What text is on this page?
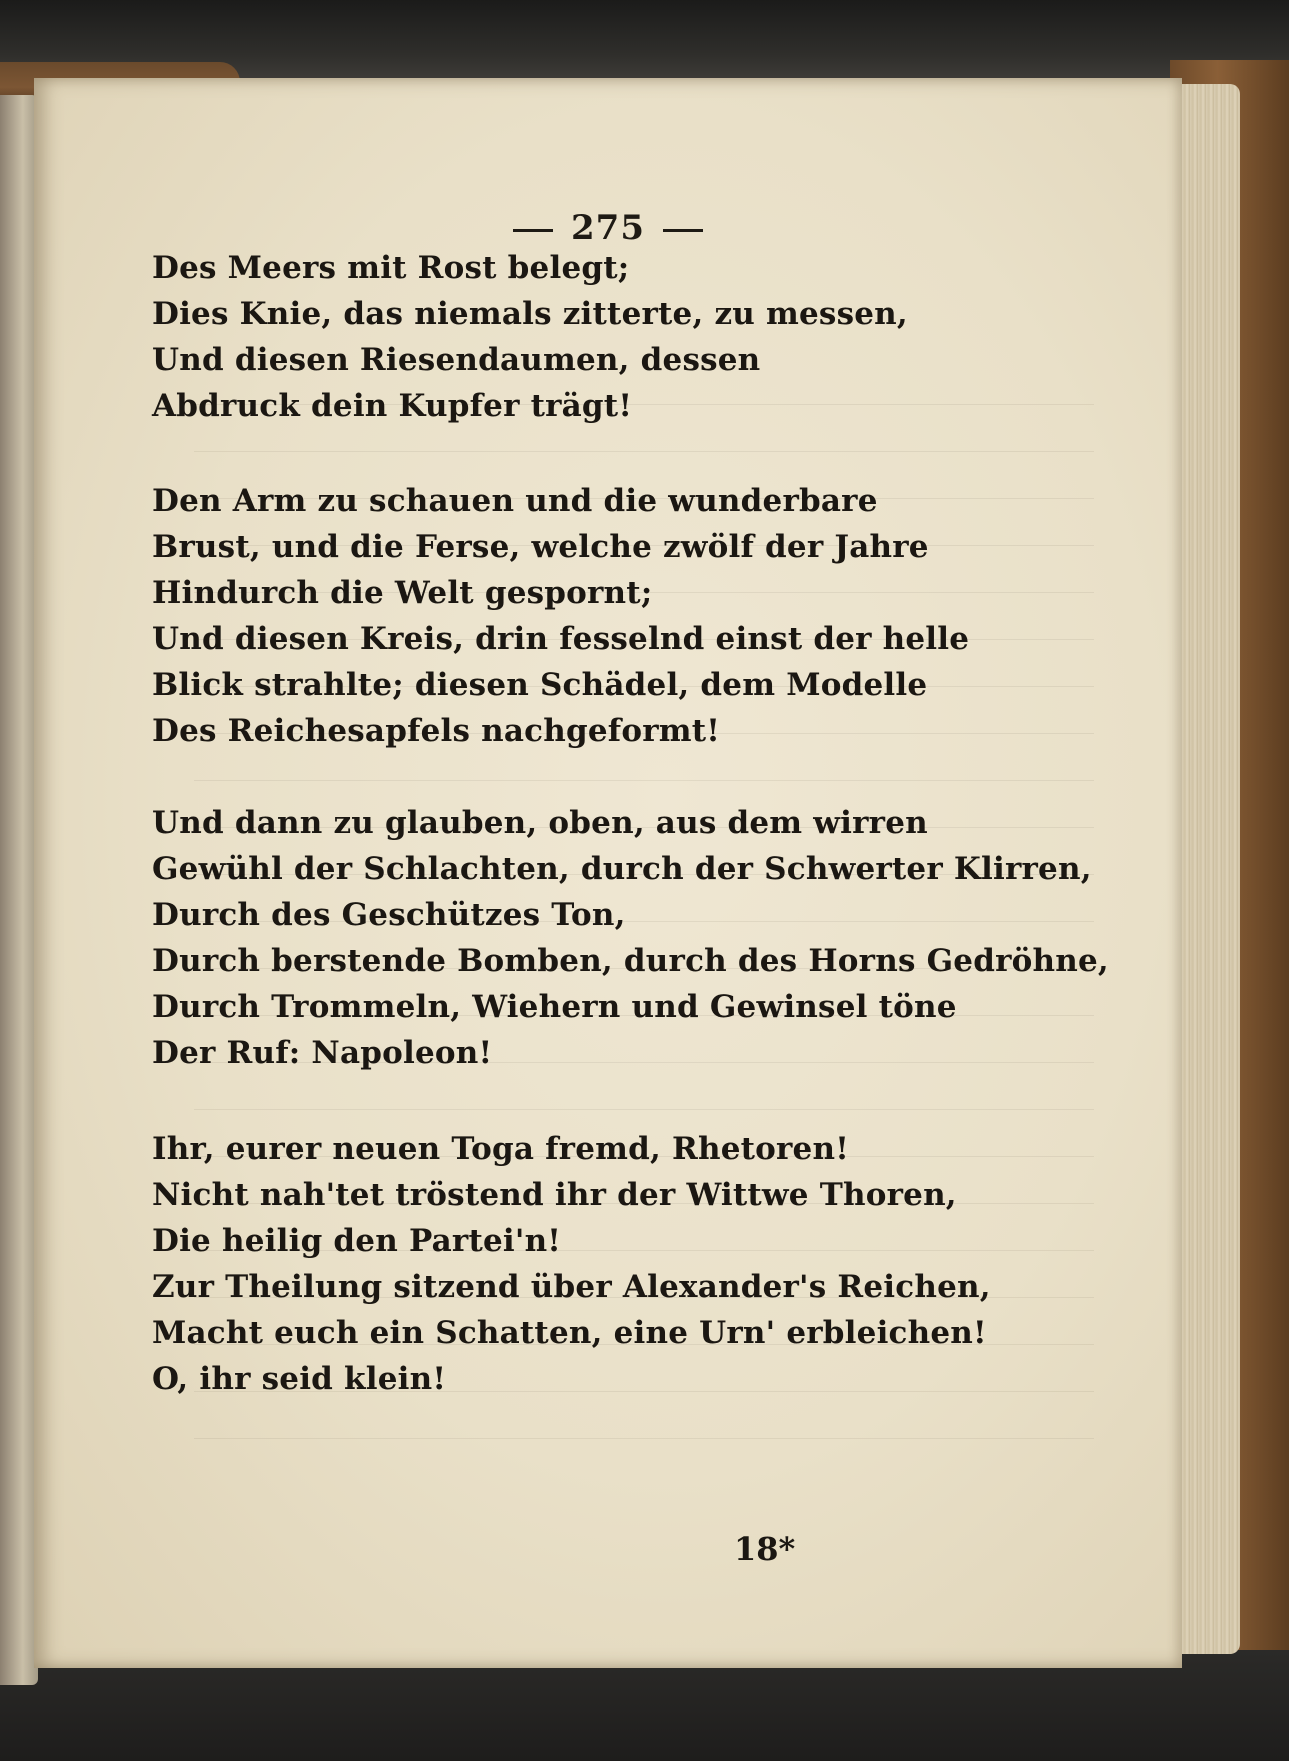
275
Des Meers mit Rost belegt;
Dies Knie, das niemals zitterte, zu messen,
Und diesen Riesendaumen, dessen
Abdruck dein Kupfer trägt!
Den Arm zu schauen und die wunderbare
Brust, und die Ferse, welche zwölf der Jahre
Hindurch die Welt gespornt;
Und diesen Kreis, drin fesselnd einst der helle
Blick strahlte; diesen Schädel, dem Modelle
Des Reichesapfels nachgeformt!
Und dann zu glauben, oben, aus dem wirren
Gewühl der Schlachten, durch der Schwerter Klirren,
Durch des Geschützes Ton,
Durch berstende Bomben, durch des Horns Gedröhne,
Durch Trommeln, Wiehern und Gewinsel töne
Der Ruf: Napoleon!
Ihr, eurer neuen Toga fremd, Rhetoren!
Nicht nah'tet tröstend ihr der Wittwe Thoren,
Die heilig den Partei'n!
Zur Theilung sitzend über Alexander's Reichen,
Macht euch ein Schatten, eine Urn' erbleichen!
O, ihr seid klein!
18*
